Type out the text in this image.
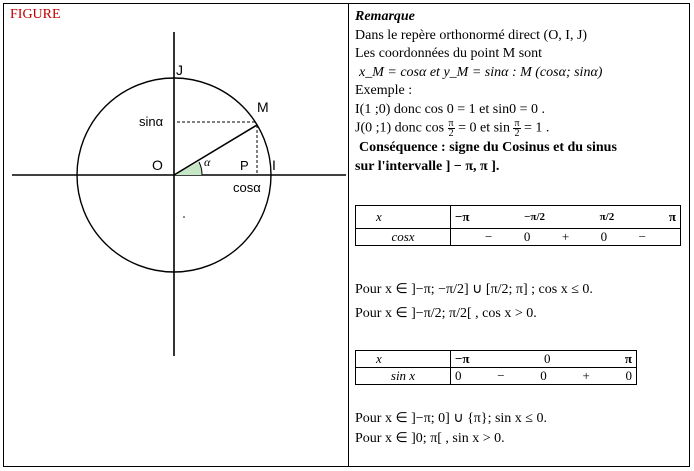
FIGURE
J
M
O	P I
sinα
cosα
α
Remarque
Dans le repère orthonormé direct (O, I, J)
Les coordonnées du point M sont
x_M = cosα et y_M = sinα : M (cosα; sinα)
Exemple :
I(1 ;0) donc cos 0 = 1 et sin0 = 0 .
J(0 ;1) donc $\cos \frac{\pi}{2} = 0$ et $\sin \frac{\pi}{2} = 1$ .
Conséquence : signe du Cosinus et du sinus
sur l'intervalle ] − π, π ].
x	−π −π/2 π/2 π

cosx	− 0 + 0 −
Pour x ∈ ]−π; −π/2] ∪ [π/2; π] ; cos x ≤ 0.
Pour x ∈ ]−π/2; π/2[ , cos x > 0.
x	−π 0 π

sin x	0 − 0 + 0
Pour x ∈ ]−π; 0] ∪ {π}; sin x ≤ 0.
Pour x ∈ ]0; π[ , sin x > 0.
